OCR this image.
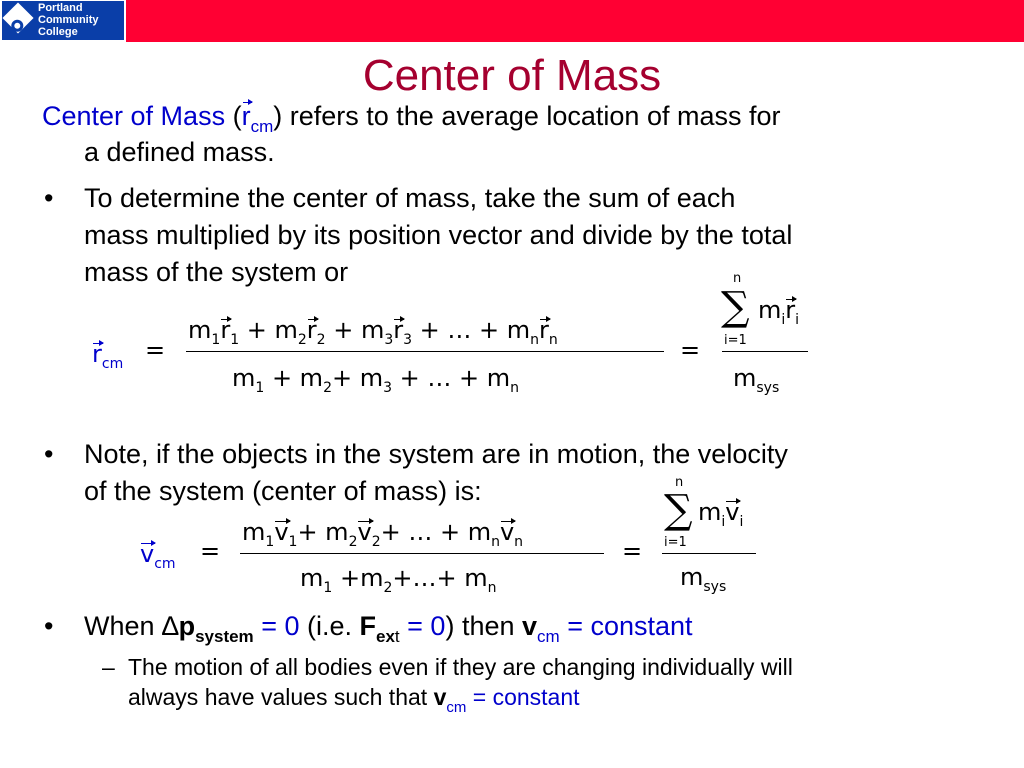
Portland
Community
College
Center of Mass
Center of Mass $(r_{cm})$ refers to the average location of mass for
a defined mass.
• To determine the center of mass, take the sum of each
mass multiplied by its position vector and divide by the total
mass of the system or
$r_{cm}$ =
$m_1r_1 + m_2r_2 + m_3r_3$ + … + $m_nr_n$
$m_1 + m_2+ m_3$ + … + $m_n$
=
n
∑
i=1
$m_ir_i$
$m_{sys}$
• Note, if the objects in the system are in motion, the velocity
of the system (center of mass) is:
$v_{cm}$ =
$m_1v_1+ m_2v_2+$ … + $m_nv_n$
$m_1$ $+m_2+\dots+ m_n$
=
n
∑
i=1
$m_iv_i$
$m_{sys}$
• When $\Delta p_{system} = 0$ (i.e. $F_{ext} = 0$) then $v_{cm}$ = constant
– The motion of all bodies even if they are changing individually will
always have values such that $v_{cm}$ = constant
